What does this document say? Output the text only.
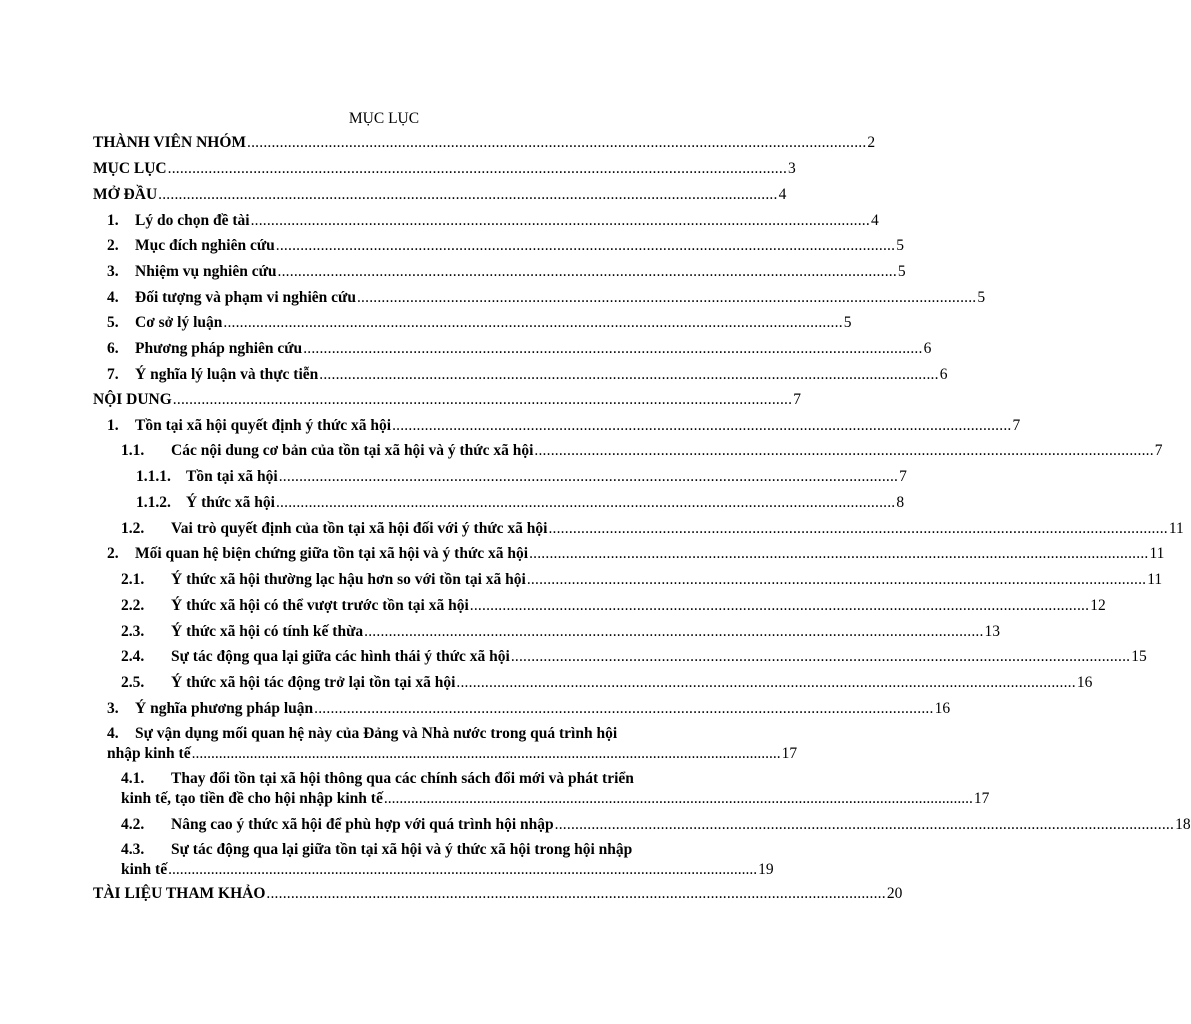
MỤC LỤC
THÀNH VIÊN NHÓM ........................................................................................................................................................ 2
MỤC LỤC ........................................................................................................................................................ 3
MỞ ĐẦU ........................................................................................................................................................ 4
1.	Lý do chọn đề tài ........................................................................................................................................................ 4
2.	Mục đích nghiên cứu ........................................................................................................................................................ 5
3.	Nhiệm vụ nghiên cứu ........................................................................................................................................................ 5
4.	Đối tượng và phạm vi nghiên cứu ........................................................................................................................................................ 5
5.	Cơ sở lý luận ........................................................................................................................................................ 5
6.	Phương pháp nghiên cứu ........................................................................................................................................................ 6
7.	Ý nghĩa lý luận và thực tiễn ........................................................................................................................................................ 6
NỘI DUNG ........................................................................................................................................................ 7
1.	Tồn tại xã hội quyết định ý thức xã hội ........................................................................................................................................................ 7
1.1.	Các nội dung cơ bản của tồn tại xã hội và ý thức xã hội ........................................................................................................................................................ 7
1.1.1. Tồn tại xã hội ........................................................................................................................................................ 7
1.1.2. Ý thức xã hội ........................................................................................................................................................ 8
1.2.	Vai trò quyết định của tồn tại xã hội đối với ý thức xã hội ........................................................................................................................................................ 11
2.	Mối quan hệ biện chứng giữa tồn tại xã hội và ý thức xã hội ........................................................................................................................................................ 11
2.1.	Ý thức xã hội thường lạc hậu hơn so với tồn tại xã hội ........................................................................................................................................................ 11
2.2.	Ý thức xã hội có thể vượt trước tồn tại xã hội ........................................................................................................................................................ 12
2.3.	Ý thức xã hội có tính kế thừa ........................................................................................................................................................ 13
2.4.	Sự tác động qua lại giữa các hình thái ý thức xã hội ........................................................................................................................................................ 15
2.5.	Ý thức xã hội tác động trở lại tồn tại xã hội ........................................................................................................................................................ 16
3.	Ý nghĩa phương pháp luận ........................................................................................................................................................ 16
4.	Sự vận dụng mối quan hệ này của Đảng và Nhà nước trong quá trình hội
nhập kinh tế ........................................................................................................................................................ 17
4.1.	Thay đổi tồn tại xã hội thông qua các chính sách đổi mới và phát triển
kinh tế, tạo tiền đề cho hội nhập kinh tế ........................................................................................................................................................ 17
4.2.	Nâng cao ý thức xã hội để phù hợp với quá trình hội nhập ........................................................................................................................................................ 18
4.3.	Sự tác động qua lại giữa tồn tại xã hội và ý thức xã hội trong hội nhập
kinh tế ........................................................................................................................................................ 19
TÀI LIỆU THAM KHẢO ........................................................................................................................................................ 20
